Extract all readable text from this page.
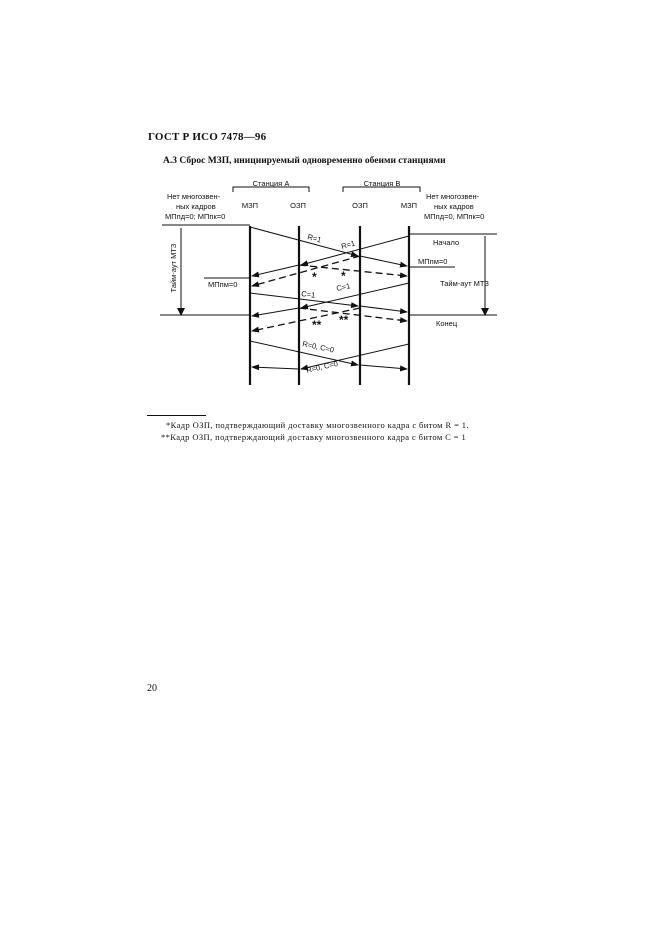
ГОСТ Р ИСО 7478—96
А.3 Сброс МЗП, инициируемый одновременно обеими станциями
Станция А	Станция В
МЗП	ОЗП	ОЗП	МЗП
Нет многозвен-
ных кадров
МПпд=0; МПпк=0
Тайм-аут МТЗ	МПпм=0
Нет многозвен-
ных кадров
МПпд=0, МПпк=0
Начало
Тайм-аут МТЗ
МПпм=0
Конец
R=1
R=1
* *
C=1
C=1
** **
R=0, C=0
R=0, C=0
*Кадр ОЗП, подтверждающий доставку многозвенного кадра с битом R = 1.
**Кадр ОЗП, подтверждающий доставку многозвенного кадра с битом С = 1
20
